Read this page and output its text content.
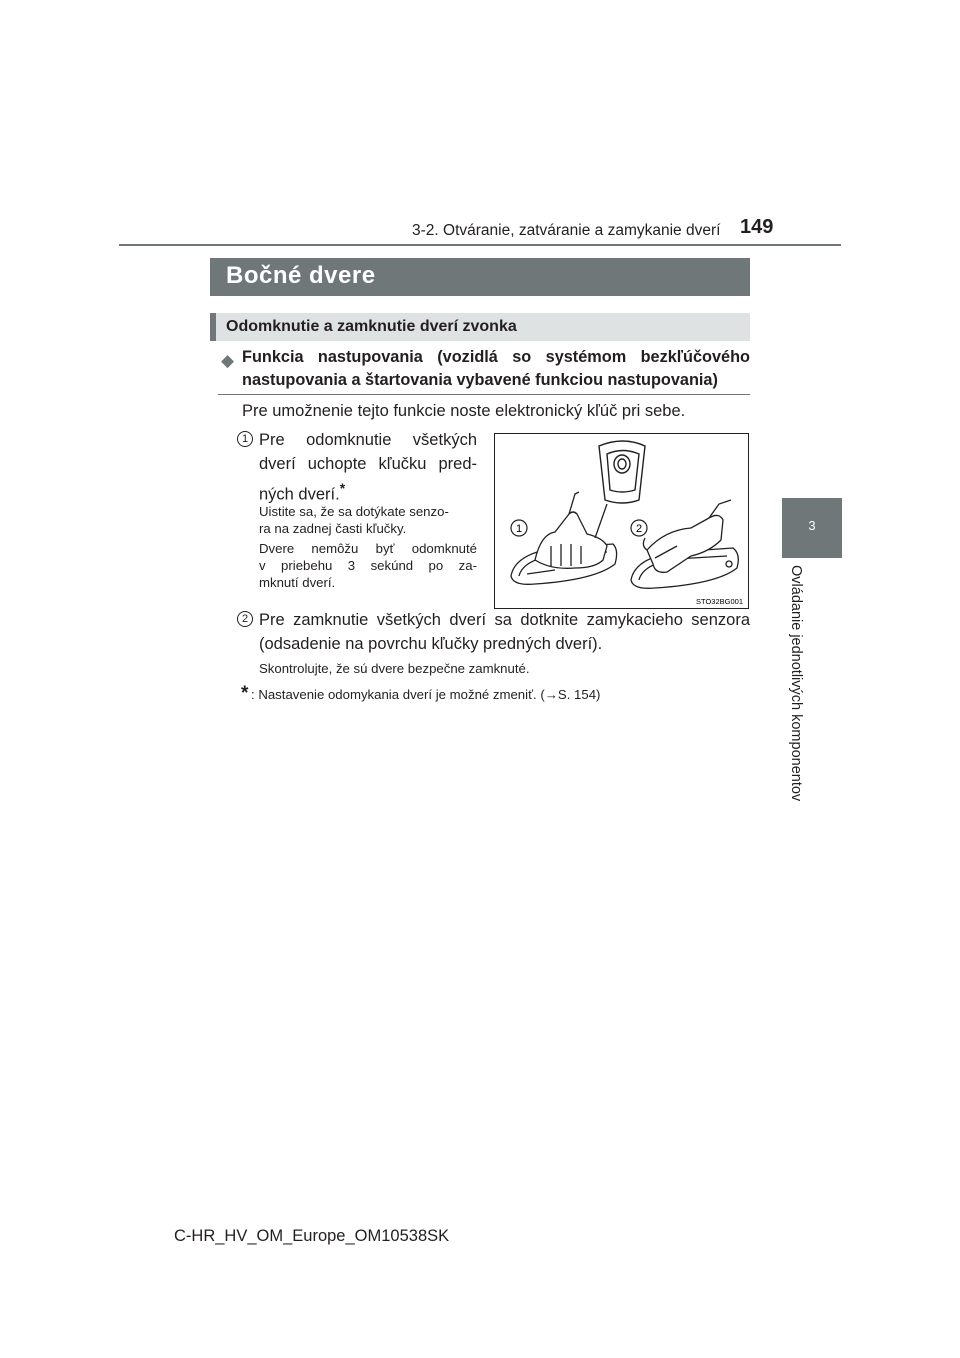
3-2. Otváranie, zatváranie a zamykanie dverí 149
3
Ovládanie jednotlivých komponentov
Bočné dvere
Odomknutie a zamknutie dverí zvonka
◆ Funkcia nastupovania (vozidlá so systémom bezkľúčového
nastupovania a štartovania vybavené funkciou nastupovania)
Pre umožnenie tejto funkcie noste elektronický kľúč pri sebe.
1 Pre odomknutie všetkých
dverí uchopte kľučku pred-
ných dverí.*
Uistite sa, že sa dotýkate senzo-
ra na zadnej časti kľučky.
Dvere nemôžu byť odomknuté
v priebehu 3 sekúnd po za-
mknutí dverí.
1	2
STO32BG001
2 Pre zamknutie všetkých dverí sa dotknite zamykacieho senzora
(odsadenie na povrchu kľučky predných dverí).
Skontrolujte, že sú dvere bezpečne zamknuté.
* : Nastavenie odomykania dverí je možné zmeniť. (→S. 154)
C-HR_HV_OM_Europe_OM10538SK
